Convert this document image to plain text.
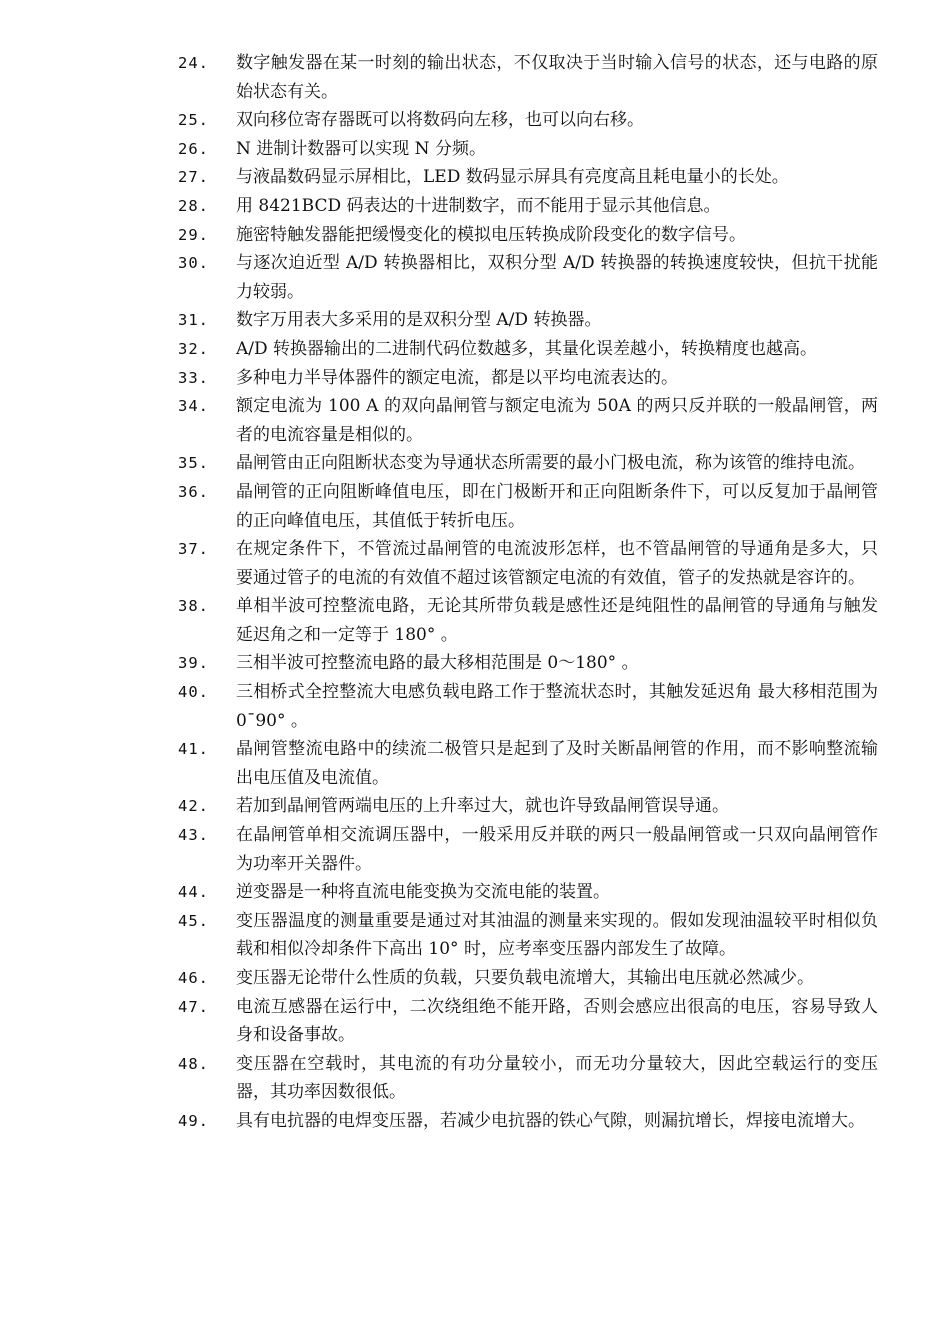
24.	数字触发器在某一时刻的输出状态，不仅取决于当时输入信号的状态，还与电路的原始状态有关。
25.	双向移位寄存器既可以将数码向左移，也可以向右移。
26.	N 进制计数器可以实现 N 分频。
27.	与液晶数码显示屏相比，LED 数码显示屏具有亮度高且耗电量小的长处。
28.	用 8421BCD 码表达的十进制数字，而不能用于显示其他信息。
29.	施密特触发器能把缓慢变化的模拟电压转换成阶段变化的数字信号。
30.	与逐次迫近型 A/D 转换器相比，双积分型 A/D 转换器的转换速度较快，但抗干扰能力较弱。
31.	数字万用表大多采用的是双积分型 A/D 转换器。
32.	A/D 转换器输出的二进制代码位数越多，其量化误差越小，转换精度也越高。
33.	多种电力半导体器件的额定电流，都是以平均电流表达的。
34.	额定电流为 100 A 的双向晶闸管与额定电流为 50A 的两只反并联的一般晶闸管，两者的电流容量是相似的。
35.	晶闸管由正向阻断状态变为导通状态所需要的最小门极电流，称为该管的维持电流。
36.	晶闸管的正向阻断峰值电压，即在门极断开和正向阻断条件下，可以反复加于晶闸管的正向峰值电压，其值低于转折电压。
37.	在规定条件下，不管流过晶闸管的电流波形怎样，也不管晶闸管的导通角是多大，只要通过管子的电流的有效值不超过该管额定电流的有效值，管子的发热就是容许的。
38.	单相半波可控整流电路，无论其所带负载是感性还是纯阻性的晶闸管的导通角与触发延迟角之和一定等于 180° 。
39.	三相半波可控整流电路的最大移相范围是 0～180° 。
40.	三相桥式全控整流大电感负载电路工作于整流状态时，其触发延迟角 最大移相范围为 0¯90° 。
41.	晶闸管整流电路中的续流二极管只是起到了及时关断晶闸管的作用，而不影响整流输出电压值及电流值。
42.	若加到晶闸管两端电压的上升率过大，就也许导致晶闸管误导通。
43.	在晶闸管单相交流调压器中，一般采用反并联的两只一般晶闸管或一只双向晶闸管作为功率开关器件。
44.	逆变器是一种将直流电能变换为交流电能的装置。
45.	变压器温度的测量重要是通过对其油温的测量来实现的。假如发现油温较平时相似负载和相似冷却条件下高出 10° 时，应考率变压器内部发生了故障。
46.	变压器无论带什么性质的负载，只要负载电流增大，其输出电压就必然减少。
47.	电流互感器在运行中，二次绕组绝不能开路，否则会感应出很高的电压，容易导致人身和设备事故。
48.	变压器在空载时，其电流的有功分量较小，而无功分量较大，因此空载运行的变压器，其功率因数很低。
49.	具有电抗器的电焊变压器，若减少电抗器的铁心气隙，则漏抗增长，焊接电流增大。
